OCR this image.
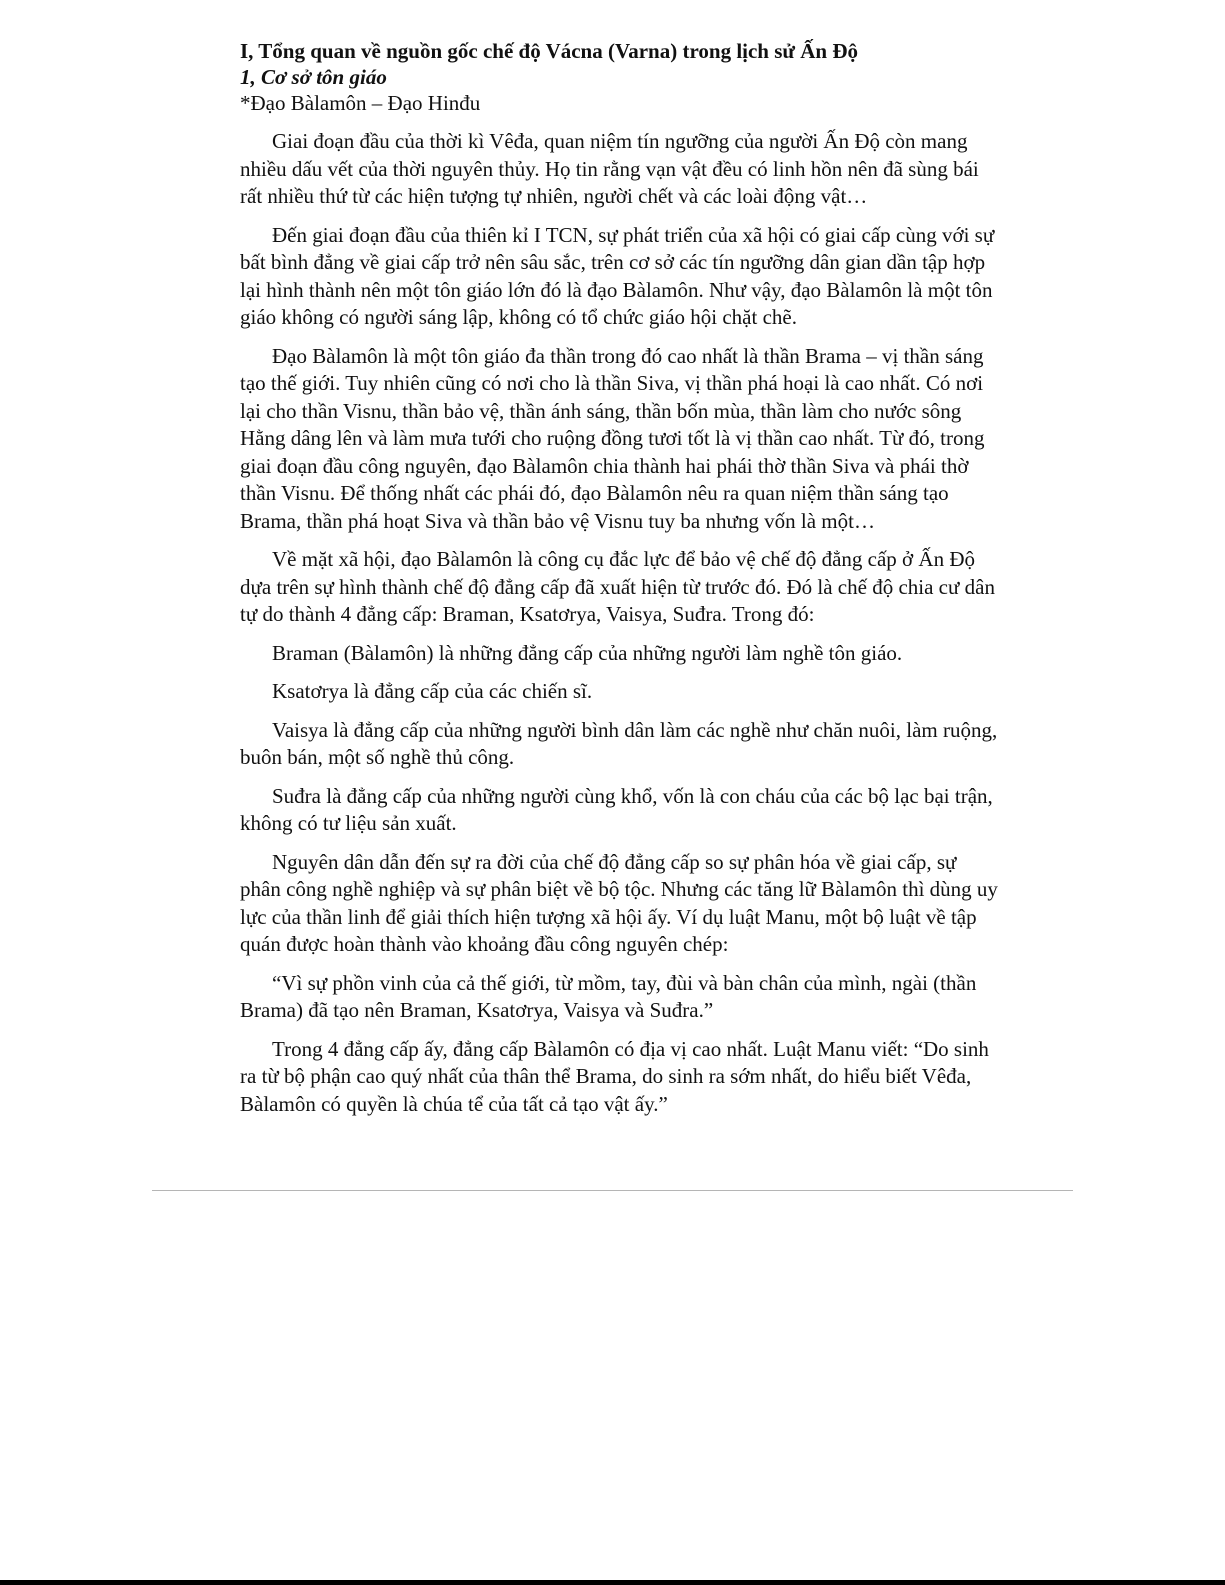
I, Tổng quan về nguồn gốc chế độ Vácna (Varna) trong lịch sử Ấn Độ

1, Cơ sở tôn giáo

*Đạo Bàlamôn – Đạo Hinđu

Giai đoạn đầu của thời kì Vêđa, quan niệm tín ngưỡng của người Ấn Độ còn mang nhiều dấu vết của thời nguyên thủy. Họ tin rằng vạn vật đều có linh hồn nên đã sùng bái rất nhiều thứ từ các hiện tượng tự nhiên, người chết và các loài động vật…

Đến giai đoạn đầu của thiên kỉ I TCN, sự phát triển của xã hội có giai cấp cùng với sự bất bình đẳng về giai cấp trở nên sâu sắc, trên cơ sở các tín ngưỡng dân gian dần tập hợp lại hình thành nên một tôn giáo lớn đó là đạo Bàlamôn. Như vậy, đạo Bàlamôn là một tôn giáo không có người sáng lập, không có tổ chức giáo hội chặt chẽ.

Đạo Bàlamôn là một tôn giáo đa thần trong đó cao nhất là thần Brama – vị thần sáng tạo thế giới. Tuy nhiên cũng có nơi cho là thần Siva, vị thần phá hoại là cao nhất. Có nơi lại cho thần Visnu, thần bảo vệ, thần ánh sáng, thần bốn mùa, thần làm cho nước sông Hằng dâng lên và làm mưa tưới cho ruộng đồng tươi tốt là vị thần cao nhất. Từ đó, trong giai đoạn đầu công nguyên, đạo Bàlamôn chia thành hai phái thờ thần Siva và phái thờ thần Visnu. Để thống nhất các phái đó, đạo Bàlamôn nêu ra quan niệm thần sáng tạo Brama, thần phá hoạt Siva và thần bảo vệ Visnu tuy ba nhưng vốn là một…

Về mặt xã hội, đạo Bàlamôn là công cụ đắc lực để bảo vệ chế độ đẳng cấp ở Ấn Độ dựa trên sự hình thành chế độ đẳng cấp đã xuất hiện từ trước đó. Đó là chế độ chia cư dân tự do thành 4 đẳng cấp: Braman, Ksatơrya, Vaisya, Suđra. Trong đó:

Braman (Bàlamôn) là những đẳng cấp của những người làm nghề tôn giáo.

Ksatơrya là đẳng cấp của các chiến sĩ.

Vaisya là đẳng cấp của những người bình dân làm các nghề như chăn nuôi, làm ruộng, buôn bán, một số nghề thủ công.

Suđra là đẳng cấp của những người cùng khổ, vốn là con cháu của các bộ lạc bại trận, không có tư liệu sản xuất.

Nguyên dân dẫn đến sự ra đời của chế độ đẳng cấp so sự phân hóa về giai cấp, sự phân công nghề nghiệp và sự phân biệt về bộ tộc. Nhưng các tăng lữ Bàlamôn thì dùng uy lực của thần linh để giải thích hiện tượng xã hội ấy. Ví dụ luật Manu, một bộ luật về tập quán được hoàn thành vào khoảng đầu công nguyên chép:

“Vì sự phồn vinh của cả thế giới, từ mồm, tay, đùi và bàn chân của mình, ngài (thần Brama) đã tạo nên Braman, Ksatơrya, Vaisya và Suđra.”

Trong 4 đẳng cấp ấy, đẳng cấp Bàlamôn có địa vị cao nhất. Luật Manu viết: “Do sinh ra từ bộ phận cao quý nhất của thân thể Brama, do sinh ra sớm nhất, do hiểu biết Vêđa, Bàlamôn có quyền là chúa tể của tất cả tạo vật ấy.”
